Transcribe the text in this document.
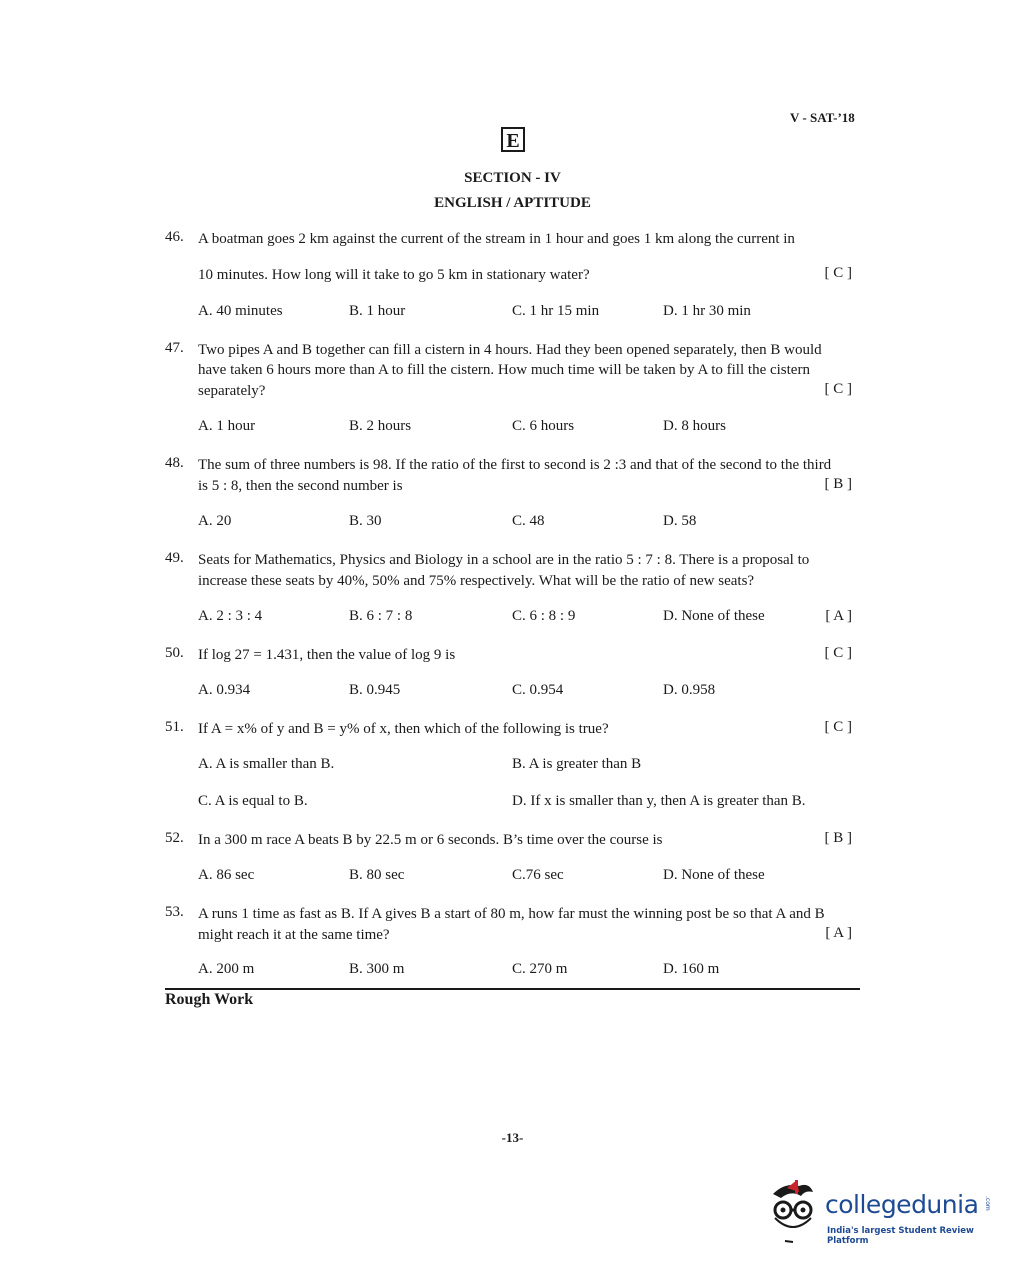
V - SAT-’18
E
SECTION - IV
ENGLISH / APTITUDE
46. A boatman goes 2 km against the current of the stream in 1 hour and goes 1 km along the current in
10 minutes. How long will it take to go 5 km in stationary water?	[ C ]
A. 40 minutes	B. 1 hour	C. 1 hr 15 min	D. 1 hr 30 min
47. Two pipes A and B together can fill a cistern in 4 hours. Had they been opened separately, then B would
have taken 6 hours more than A to fill the cistern. How much time will be taken by A to fill the cistern
separately?	[ C ]
A. 1 hour	B. 2 hours	C. 6 hours	D. 8 hours
48. The sum of three numbers is 98. If the ratio of the first to second is 2 :3 and that of the second to the third
is 5 : 8, then the second number is	[ B ]
A. 20	B. 30	C. 48	D. 58
49. Seats for Mathematics, Physics and Biology in a school are in the ratio 5 : 7 : 8. There is a proposal to
increase these seats by 40%, 50% and 75% respectively. What will be the ratio of new seats?
A. 2 : 3 : 4	B. 6 : 7 : 8	C. 6 : 8 : 9	D. None of these	[ A ]
50. If log 27 = 1.431, then the value of log 9 is	[ C ]
A. 0.934	B. 0.945	C. 0.954	D. 0.958
51. If A = x% of y and B = y% of x, then which of the following is true?	[ C ]
A. A is smaller than B.	B. A is greater than B
C. A is equal to B.	D. If x is smaller than y, then A is greater than B.
52. In a 300 m race A beats B by 22.5 m or 6 seconds. B’s time over the course is	[ B ]
A. 86 sec	B. 80 sec	C.76 sec	D. None of these
53. A runs 1 time as fast as B. If A gives B a start of 80 m, how far must the winning post be so that A and B
might reach it at the same time?	[ A ]
A. 200 m	B. 300 m	C. 270 m	D. 160 m
Rough Work
-13-
collegedunia .com
India's largest Student Review Platform
